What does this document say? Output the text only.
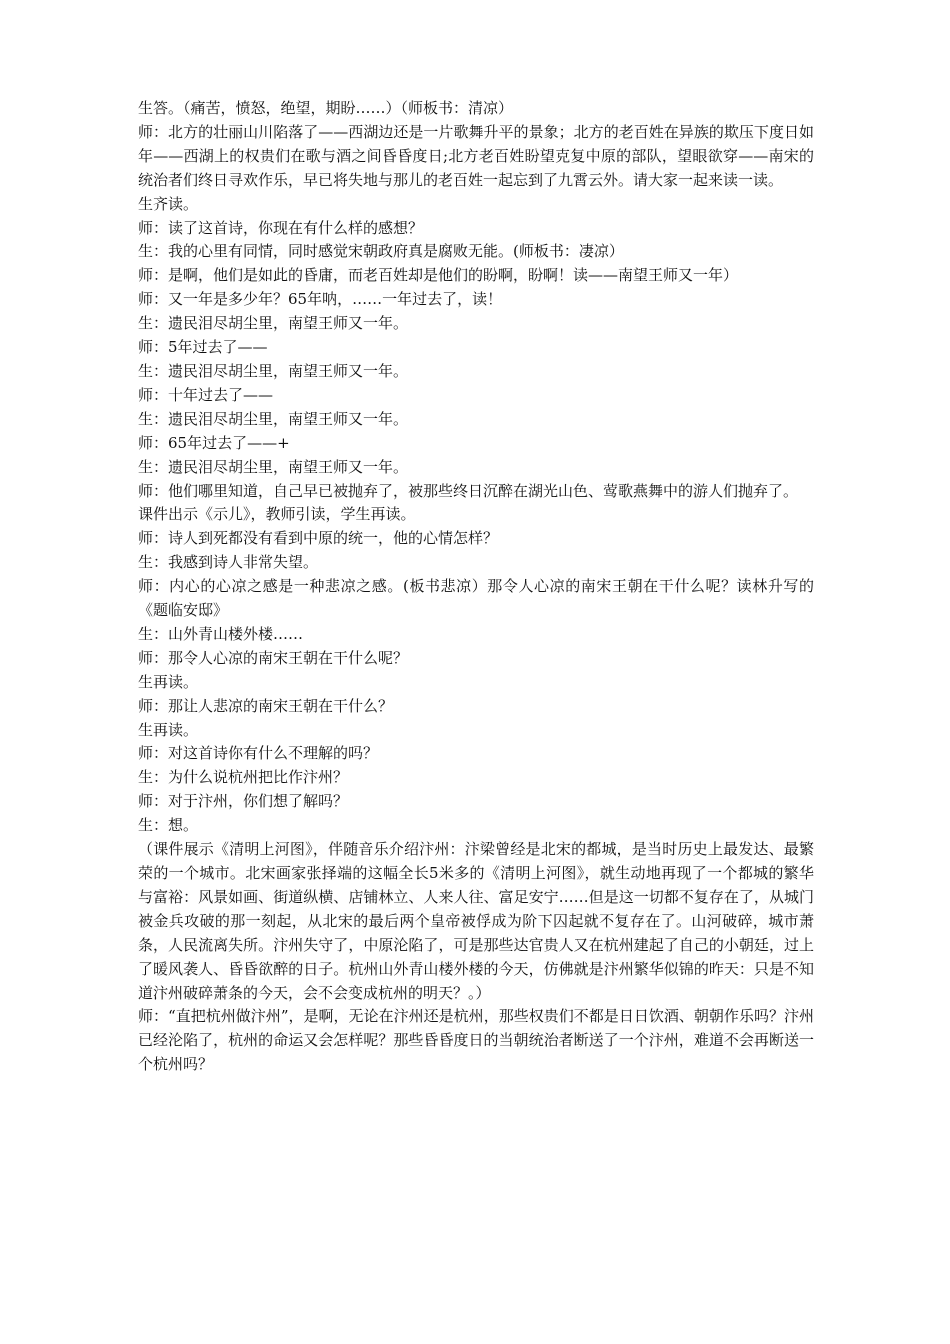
生答。（痛苦，愤怒，绝望，期盼……）（师板书：清凉）

师：北方的壮丽山川陷落了——西湖边还是一片歌舞升平的景象；北方的老百姓在异族的欺压下度日如年——西湖上的权贵们在歌与酒之间昏昏度日;北方老百姓盼望克复中原的部队，望眼欲穿——南宋的统治者们终日寻欢作乐，早已将失地与那儿的老百姓一起忘到了九霄云外。请大家一起来读一读。

生齐读。

师：读了这首诗，你现在有什么样的感想？

生：我的心里有同情，同时感觉宋朝政府真是腐败无能。(师板书：凄凉）

师：是啊，他们是如此的昏庸，而老百姓却是他们的盼啊，盼啊！读——南望王师又一年）

师：又一年是多少年？65年呐，……一年过去了，读！

生：遗民泪尽胡尘里，南望王师又一年。

师：5年过去了——

生：遗民泪尽胡尘里，南望王师又一年。

师：十年过去了——

生：遗民泪尽胡尘里，南望王师又一年。

师：65年过去了——+

生：遗民泪尽胡尘里，南望王师又一年。

师：他们哪里知道，自己早已被抛弃了，被那些终日沉醉在湖光山色、莺歌燕舞中的游人们抛弃了。

课件出示《示儿》，教师引读，学生再读。

师：诗人到死都没有看到中原的统一，他的心情怎样？

生：我感到诗人非常失望。

师：内心的心凉之感是一种悲凉之感。(板书悲凉）那令人心凉的南宋王朝在干什么呢？读林升写的《题临安邸》

生：山外青山楼外楼……

师：那令人心凉的南宋王朝在干什么呢？

生再读。

师：那让人悲凉的南宋王朝在干什么？

生再读。

师：对这首诗你有什么不理解的吗？

生：为什么说杭州把比作汴州？

师：对于汴州，你们想了解吗？

生：想。

（课件展示《清明上河图》，伴随音乐介绍汴州：汴梁曾经是北宋的都城，是当时历史上最发达、最繁荣的一个城市。北宋画家张择端的这幅全长5米多的《清明上河图》，就生动地再现了一个都城的繁华与富裕：风景如画、街道纵横、店铺林立、人来人往、富足安宁……但是这一切都不复存在了，从城门被金兵攻破的那一刻起，从北宋的最后两个皇帝被俘成为阶下囚起就不复存在了。山河破碎，城市萧条，人民流离失所。汴州失守了，中原沦陷了，可是那些达官贵人又在杭州建起了自己的小朝廷，过上了暖风袭人、昏昏欲醉的日子。杭州山外青山楼外楼的今天，仿佛就是汴州繁华似锦的昨天：只是不知道汴州破碎萧条的今天，会不会变成杭州的明天？。）

师：“直把杭州做汴州”，是啊，无论在汴州还是杭州，那些权贵们不都是日日饮酒、朝朝作乐吗？汴州已经沦陷了，杭州的命运又会怎样呢？那些昏昏度日的当朝统治者断送了一个汴州，难道不会再断送一个杭州吗？
